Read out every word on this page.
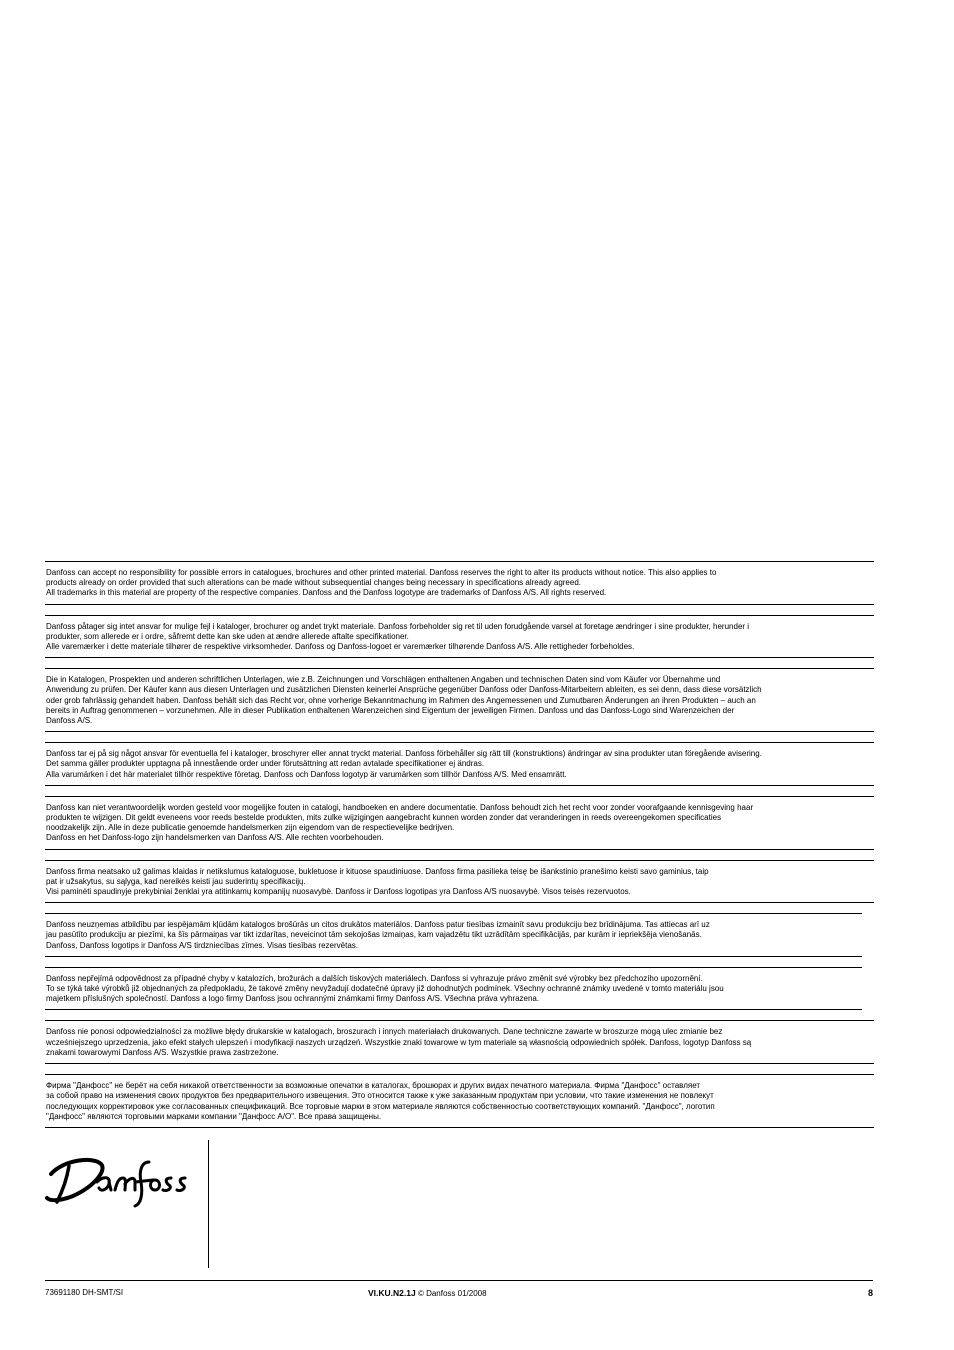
Danfoss can accept no responsibility for possible errors in catalogues, brochures and other printed material. Danfoss reserves the right to alter its products without notice. This also applies to

products already on order provided that such alterations can be made without subsequential changes being necessary in specifications already agreed.

All trademarks in this material are property of the respective companies. Danfoss and the Danfoss logotype are trademarks of Danfoss A/S. All rights reserved.

Danfoss påtager sig intet ansvar for mulige fejl i kataloger, brochurer og andet trykt materiale. Danfoss forbeholder sig ret til uden forudgående varsel at foretage ændringer i sine produkter, herunder i

produkter, som allerede er i ordre, såfremt dette kan ske uden at ændre allerede aftalte specifikationer.

Alle varemærker i dette materiale tilhører de respektive virksomheder. Danfoss og Danfoss-logoet er varemærker tilhørende Danfoss A/S. Alle rettigheder forbeholdes.

Die in Katalogen, Prospekten und anderen schriftlichen Unterlagen, wie z.B. Zeichnungen und Vorschlägen enthaltenen Angaben und technischen Daten sind vom Käufer vor Übernahme und

Anwendung zu prüfen. Der Käufer kann aus diesen Unterlagen und zusätzlichen Diensten keinerlei Ansprüche gegenüber Danfoss oder Danfoss-Mitarbeitern ableiten, es sei denn, dass diese vorsätzlich

oder grob fahrlässig gehandelt haben. Danfoss behält sich das Recht vor, ohne vorherige Bekanntmachung im Rahmen des Angemessenen und Zumutbaren Änderungen an ihren Produkten – auch an

bereits in Auftrag genommenen – vorzunehmen. Alle in dieser Publikation enthaltenen Warenzeichen sind Eigentum der jeweiligen Firmen. Danfoss und das Danfoss-Logo sind Warenzeichen der

Danfoss A/S.

Danfoss tar ej på sig något ansvar för eventuella fel i kataloger, broschyrer eller annat tryckt material. Danfoss förbehåller sig rätt till (konstruktions) ändringar av sina produkter utan föregående avisering.

Det samma gäller produkter upptagna på innestående order under förutsättning att redan avtalade specifikationer ej ändras.

Alla varumärken i det här materialet tillhör respektive företag. Danfoss och Danfoss logotyp är varumärken som tillhör Danfoss A/S. Med ensamrätt.

Danfoss kan niet verantwoordelijk worden gesteld voor mogelijke fouten in catalogi, handboeken en andere documentatie. Danfoss behoudt zich het recht voor zonder voorafgaande kennisgeving haar

produkten te wijzigen. Dit geldt eveneens voor reeds bestelde produkten, mits zulke wijzigingen aangebracht kunnen worden zonder dat veranderingen in reeds overeengekomen specificaties

noodzakelijk zijn. Alle in deze publicatie genoemde handelsmerken zijn eigendom van de respectievelijke bedrijven.

Danfoss en het Danfoss-logo zijn handelsmerken van Danfoss A/S. Alle rechten voorbehouden.

Danfoss firma neatsako už galimas klaidas ir netikslumus kataloguose, bukletuose ir kituose spaudiniuose. Danfoss firma pasilieka teisę be išankstinio pranešimo keisti savo gaminius, taip

pat ir užsakytus, su sąlyga, kad nereikės keisti jau suderintų specifikacijų.

Visi paminėti spaudinyje prekybiniai ženklai yra atitinkamų kompanijų nuosavybė. Danfoss ir Danfoss logotipas yra Danfoss A/S nuosavybė. Visos teisės rezervuotos.

Danfoss neuzņemas atbildību par iespējamām kļūdām katalogos brošūrās un citos drukātos materiālos. Danfoss patur tiesības izmainīt savu produkciju bez brīdinājuma. Tas attiecas arī uz

jau pasūtīto produkciju ar piezīmi, ka šīs pārmaiņas var tikt izdarītas, neveicinot tām sekojošas izmaiņas, kam vajadzētu tikt uzrādītām specifikācijās, par kurām ir iepriekšēja vienošanās.

Danfoss, Danfoss logotips ir Danfoss A/S tirdzniecības zīmes. Visas tiesības rezervētas.

Danfoss nepřejímá odpovědnost za případné chyby v katalozích, brožurách a dalších tiskových materiálech. Danfoss si vyhrazuje právo změnit své výrobky bez předchozího upozornění.

To se týká také výrobků již objednaných za předpokladu, že takové změny nevyžadují dodatečné úpravy již dohodnutých podmínek. Všechny ochranné známky uvedené v tomto materiálu jsou

majetkem příslušných společností. Danfoss a logo firmy Danfoss jsou ochrannými známkami firmy Danfoss A/S. Všechna práva vyhrazena.

Danfoss nie ponosi odpowiedzialności za możliwe błędy drukarskie w katalogach, broszurach i innych materiałach drukowanych. Dane techniczne zawarte w broszurze mogą ulec zmianie bez

wcześniejszego uprzedzenia, jako efekt stałych ulepszeń i modyfikacji naszych urządzeń. Wszystkie znaki towarowe w tym materiale są własnością odpowiednich spółek. Danfoss, logotyp Danfoss są

znakami towarowymi Danfoss A/S. Wszystkie prawa zastrzeżone.

Фирма "Данфосс" не берёт на себя никакой ответственности за возможные опечатки в каталогах, брошюрах и других видах печатного материала. Фирма "Данфосс" оставляет

за собой право на изменения своих продуктов без предварительного извещения. Это относится также к уже заказанным продуктам при условии, что такие изменения не повлекут

последующих корректировок уже согласованных спецификаций. Все торговые марки в этом материале являются собственностью соответствующих компаний. "Данфосс", логотип

"Данфосс" являются торговыми марками компании "Данфосс А/О". Все права защищены.

73691180 DH-SMT/SI	VI.KU.N2.1J © Danfoss 01/2008	8
